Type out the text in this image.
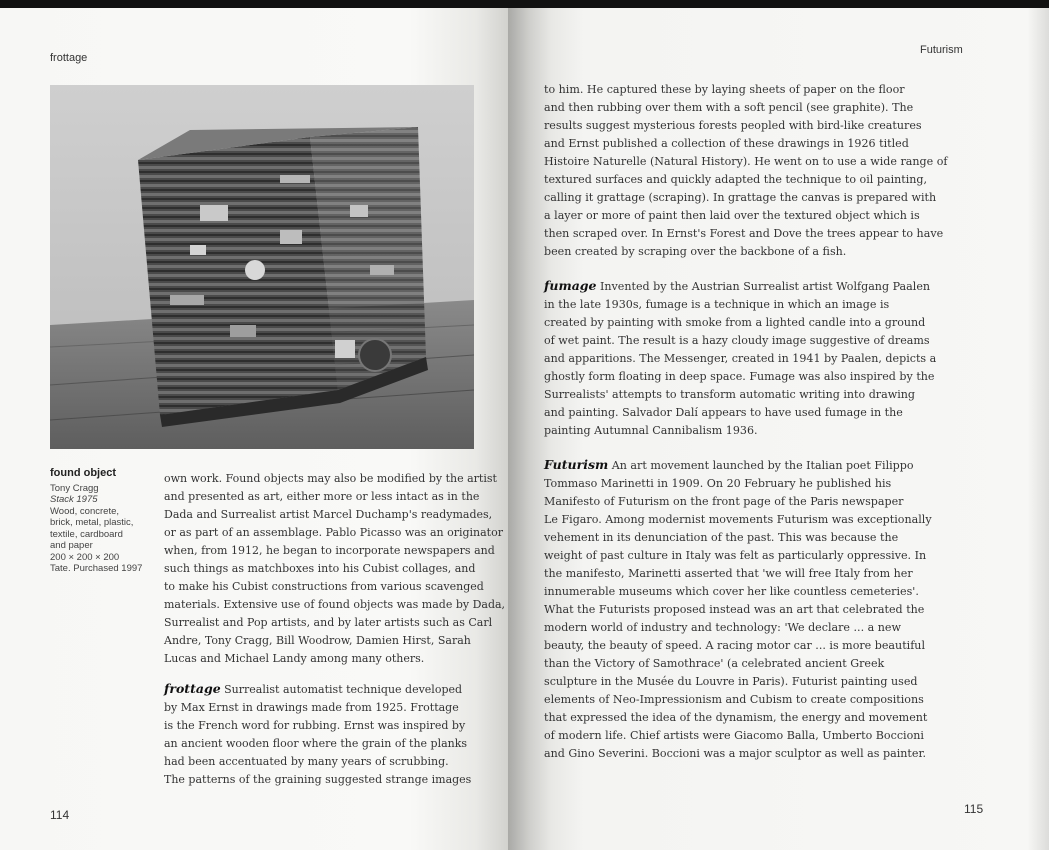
frottage
found object
Tony Cragg
Stack 1975
Wood, concrete,
brick, metal, plastic,
textile, cardboard
and paper
200 × 200 × 200
Tate. Purchased 1997
own work. Found objects may also be modified by the artist
and presented as art, either more or less intact as in the
Dada and Surrealist artist Marcel Duchamp's readymades,
or as part of an assemblage. Pablo Picasso was an originator
when, from 1912, he began to incorporate newspapers and
such things as matchboxes into his Cubist collages, and
to make his Cubist constructions from various scavenged
materials. Extensive use of found objects was made by Dada,
Surrealist and Pop artists, and by later artists such as Carl
Andre, Tony Cragg, Bill Woodrow, Damien Hirst, Sarah
Lucas and Michael Landy among many others.
frottage Surrealist automatist technique developed
by Max Ernst in drawings made from 1925. Frottage
is the French word for rubbing. Ernst was inspired by
an ancient wooden floor where the grain of the planks
had been accentuated by many years of scrubbing.
The patterns of the graining suggested strange images
114
Futurism
to him. He captured these by laying sheets of paper on the floor
and then rubbing over them with a soft pencil (see graphite). The
results suggest mysterious forests peopled with bird-like creatures
and Ernst published a collection of these drawings in 1926 titled
Histoire Naturelle (Natural History). He went on to use a wide range of
textured surfaces and quickly adapted the technique to oil painting,
calling it grattage (scraping). In grattage the canvas is prepared with
a layer or more of paint then laid over the textured object which is
then scraped over. In Ernst's Forest and Dove the trees appear to have
been created by scraping over the backbone of a fish.
fumage Invented by the Austrian Surrealist artist Wolfgang Paalen
in the late 1930s, fumage is a technique in which an image is
created by painting with smoke from a lighted candle into a ground
of wet paint. The result is a hazy cloudy image suggestive of dreams
and apparitions. The Messenger, created in 1941 by Paalen, depicts a
ghostly form floating in deep space. Fumage was also inspired by the
Surrealists' attempts to transform automatic writing into drawing
and painting. Salvador Dalí appears to have used fumage in the
painting Autumnal Cannibalism 1936.
Futurism An art movement launched by the Italian poet Filippo
Tommaso Marinetti in 1909. On 20 February he published his
Manifesto of Futurism on the front page of the Paris newspaper
Le Figaro. Among modernist movements Futurism was exceptionally
vehement in its denunciation of the past. This was because the
weight of past culture in Italy was felt as particularly oppressive. In
the manifesto, Marinetti asserted that 'we will free Italy from her
innumerable museums which cover her like countless cemeteries'.
What the Futurists proposed instead was an art that celebrated the
modern world of industry and technology: 'We declare ... a new
beauty, the beauty of speed. A racing motor car ... is more beautiful
than the Victory of Samothrace' (a celebrated ancient Greek
sculpture in the Musée du Louvre in Paris). Futurist painting used
elements of Neo-Impressionism and Cubism to create compositions
that expressed the idea of the dynamism, the energy and movement
of modern life. Chief artists were Giacomo Balla, Umberto Boccioni
and Gino Severini. Boccioni was a major sculptor as well as painter.
115
